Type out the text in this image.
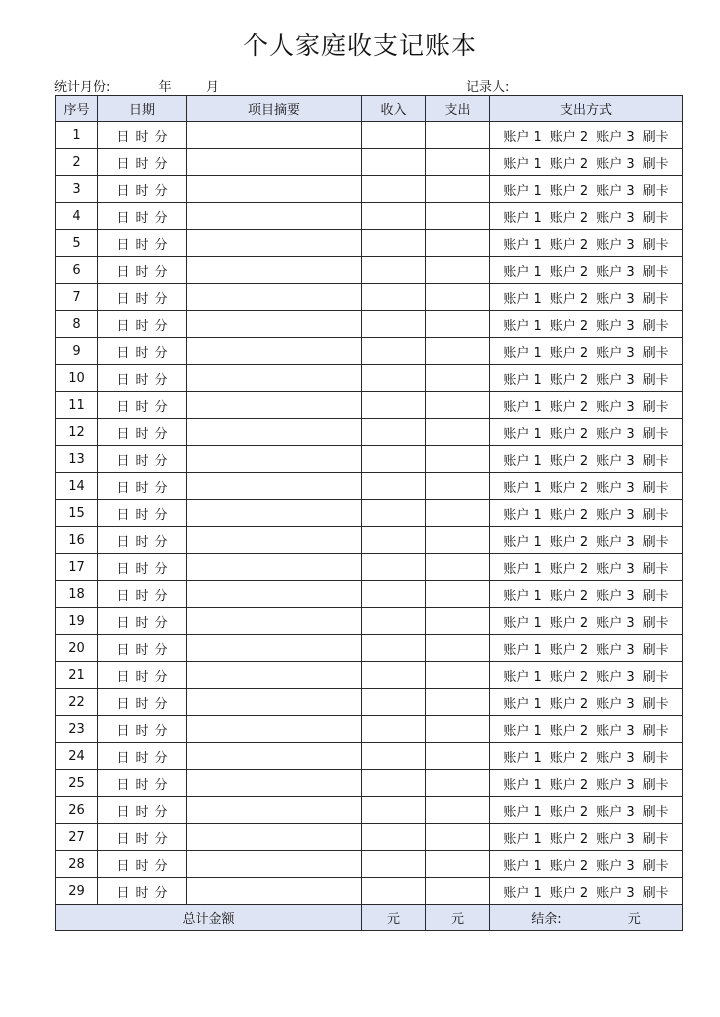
个人家庭收支记账本
统计月份:	年	月	记录人:
序号	日期	项目摘要	收入	支出	支出方式
1	日 时 分				账户 1 账户 2 账户 3 刷卡
2	日 时 分				账户 1 账户 2 账户 3 刷卡
3	日 时 分				账户 1 账户 2 账户 3 刷卡
4	日 时 分				账户 1 账户 2 账户 3 刷卡
5	日 时 分				账户 1 账户 2 账户 3 刷卡
6	日 时 分				账户 1 账户 2 账户 3 刷卡
7	日 时 分				账户 1 账户 2 账户 3 刷卡
8	日 时 分				账户 1 账户 2 账户 3 刷卡
9	日 时 分				账户 1 账户 2 账户 3 刷卡
10	日 时 分				账户 1 账户 2 账户 3 刷卡
11	日 时 分				账户 1 账户 2 账户 3 刷卡
12	日 时 分				账户 1 账户 2 账户 3 刷卡
13	日 时 分				账户 1 账户 2 账户 3 刷卡
14	日 时 分				账户 1 账户 2 账户 3 刷卡
15	日 时 分				账户 1 账户 2 账户 3 刷卡
16	日 时 分				账户 1 账户 2 账户 3 刷卡
17	日 时 分				账户 1 账户 2 账户 3 刷卡
18	日 时 分				账户 1 账户 2 账户 3 刷卡
19	日 时 分				账户 1 账户 2 账户 3 刷卡
20	日 时 分				账户 1 账户 2 账户 3 刷卡
21	日 时 分				账户 1 账户 2 账户 3 刷卡
22	日 时 分				账户 1 账户 2 账户 3 刷卡
23	日 时 分				账户 1 账户 2 账户 3 刷卡
24	日 时 分				账户 1 账户 2 账户 3 刷卡
25	日 时 分				账户 1 账户 2 账户 3 刷卡
26	日 时 分				账户 1 账户 2 账户 3 刷卡
27	日 时 分				账户 1 账户 2 账户 3 刷卡
28	日 时 分				账户 1 账户 2 账户 3 刷卡
29	日 时 分				账户 1 账户 2 账户 3 刷卡
总计金额			元	元	结余: 元
